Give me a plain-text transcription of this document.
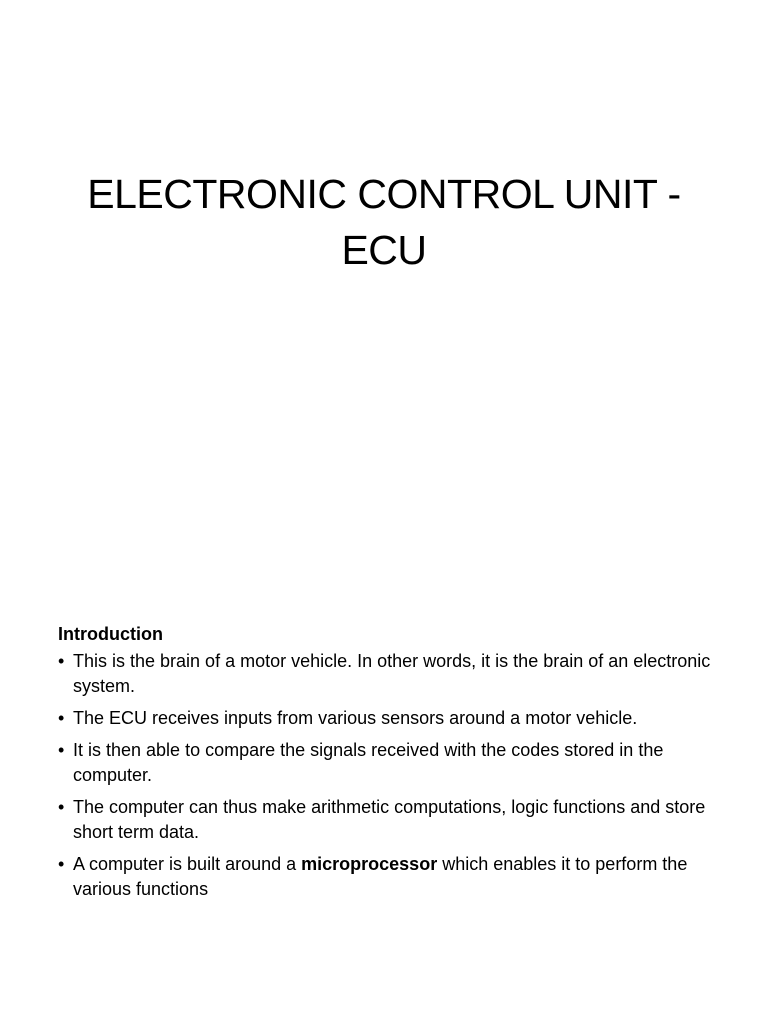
ELECTRONIC CONTROL UNIT -
ECU
Introduction
• This is the brain of a motor vehicle. In other words, it is the brain of an electronic system.
• The ECU receives inputs from various sensors around a motor vehicle.
• It is then able to compare the signals received with the codes stored in the computer.
• The computer can thus make arithmetic computations, logic functions and store short term data.
• A computer is built around a microprocessor which enables it to perform the various functions
